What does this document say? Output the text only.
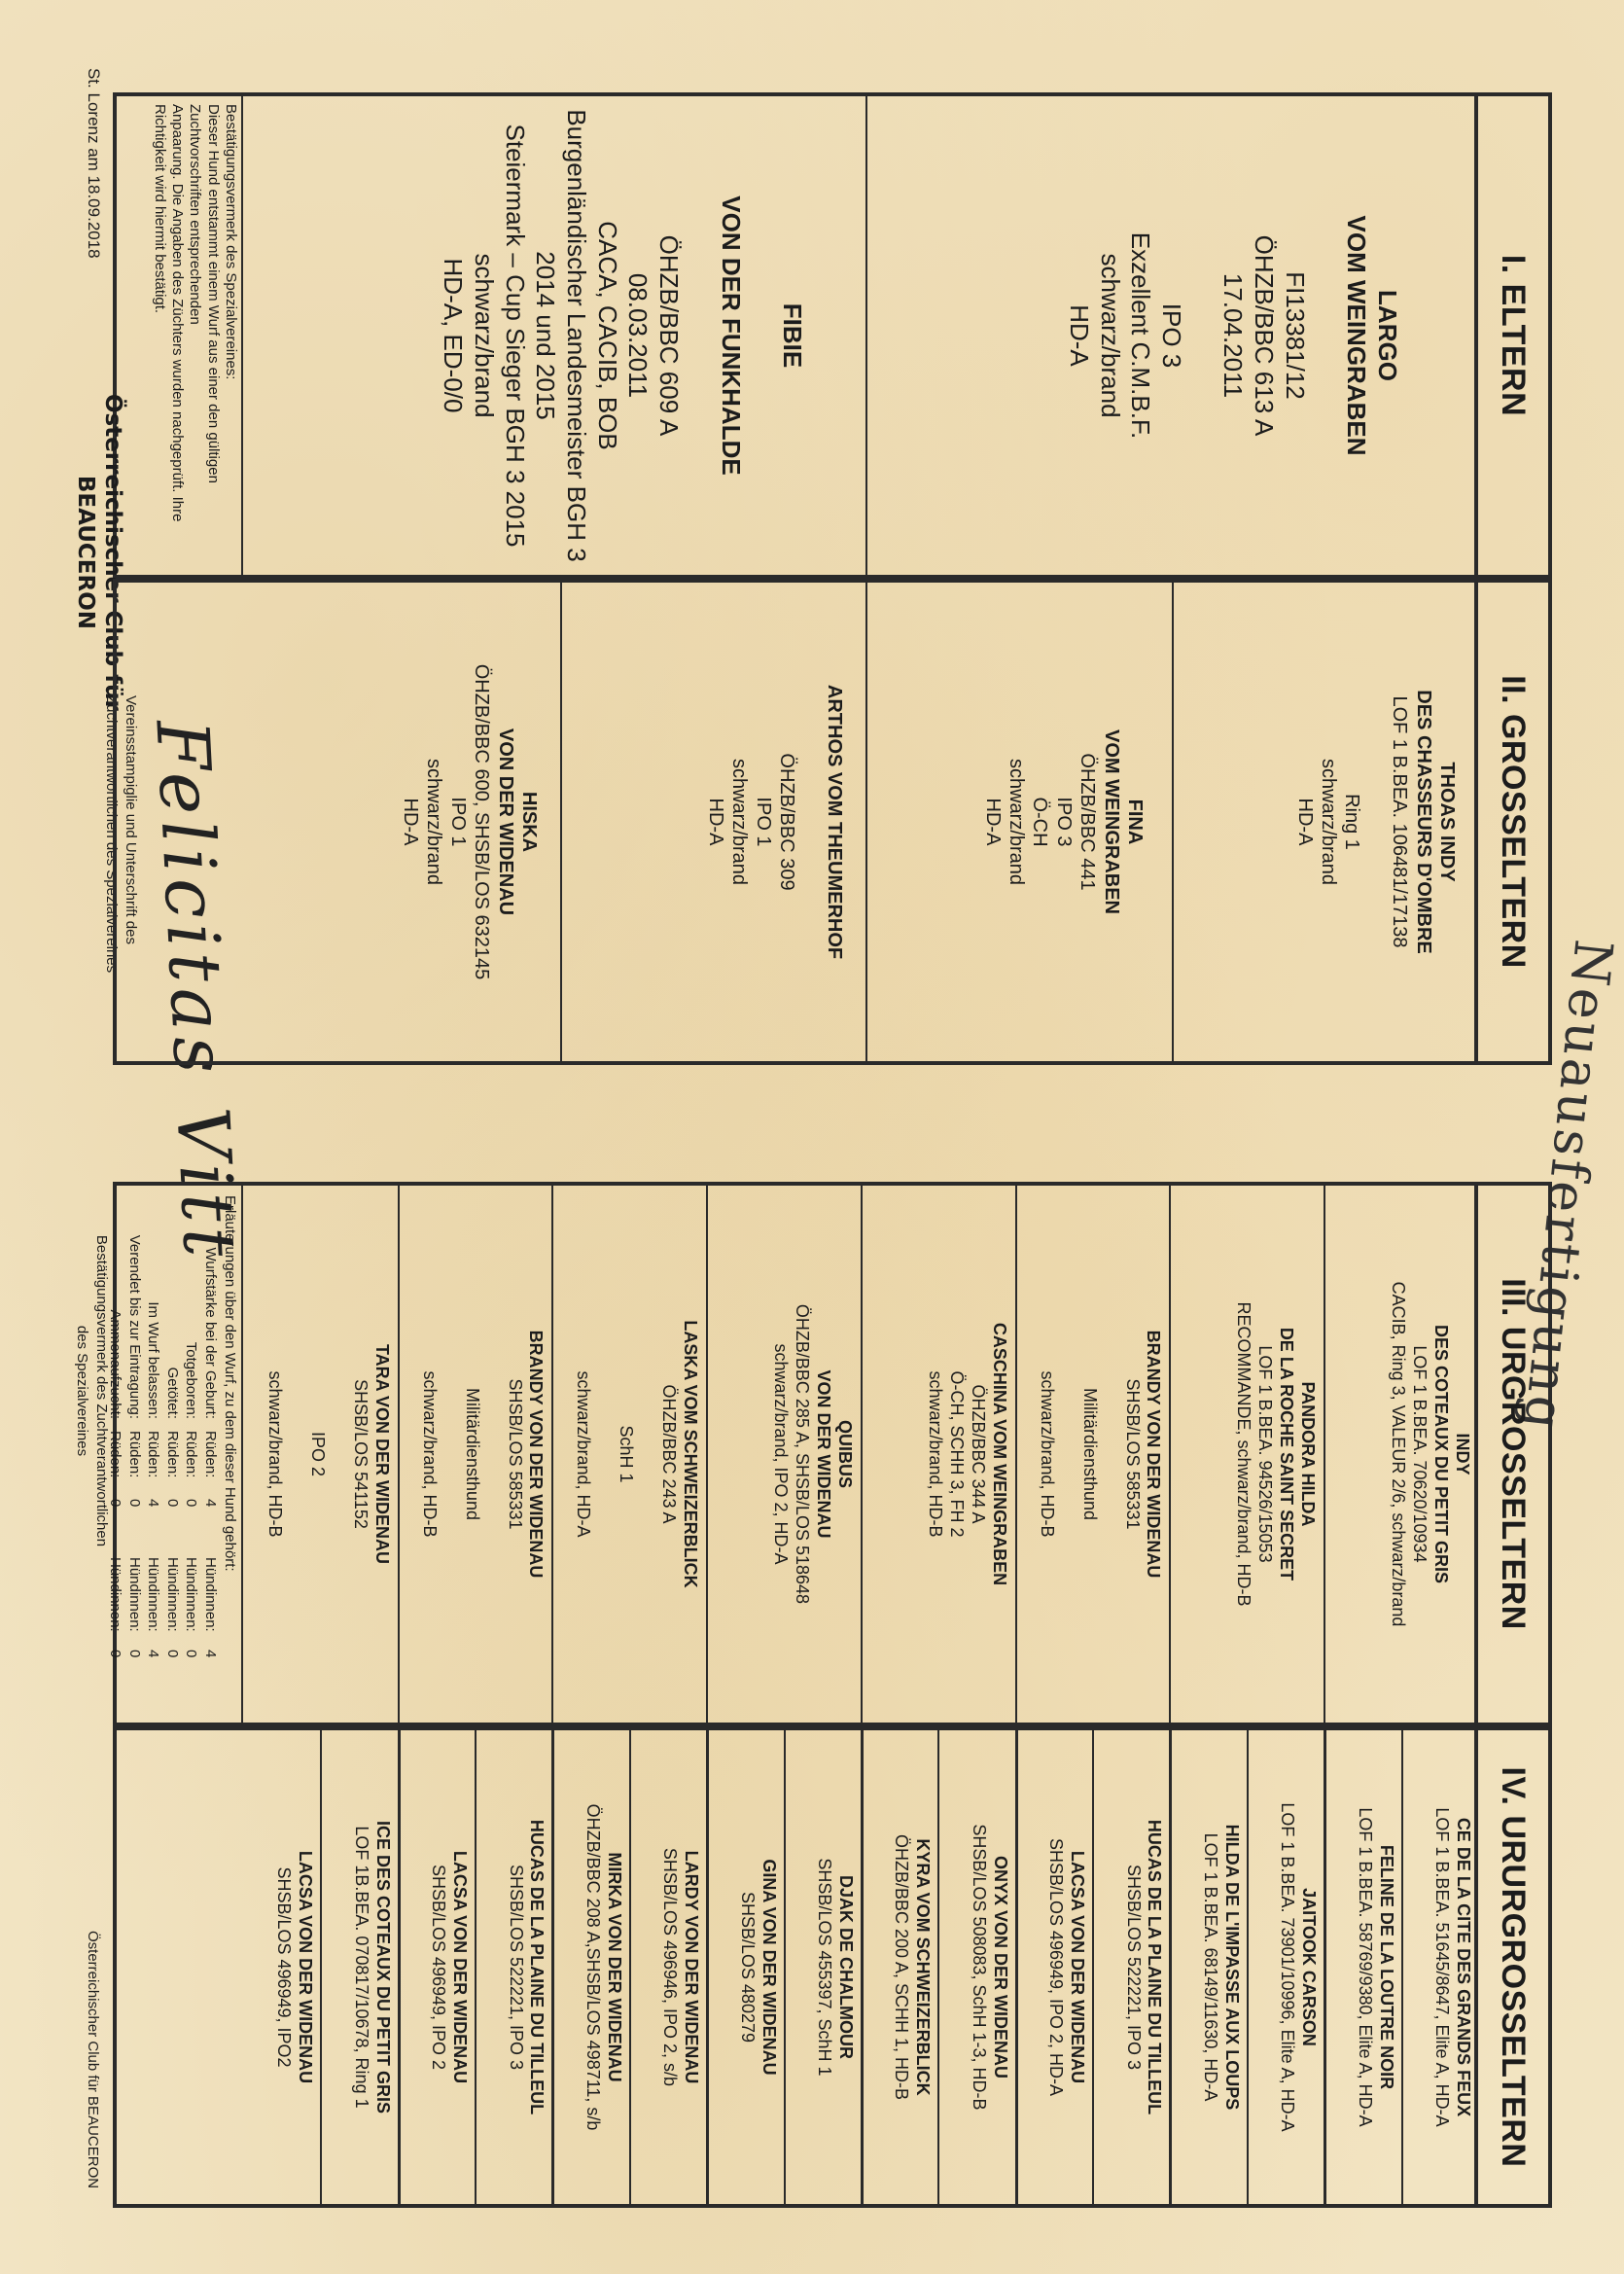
Neuausfertigung
I. ELTERN
LARGO
VOM WEINGRABEN

FI13381/12
ÖHZB/BBC 613 A
17.04.2011

IPO 3
Exzellent C.M.B.F.
schwarz/brand
HD-A
FIBIE

VON DER FUNKHALDE

ÖHZB/BBC 609 A
08.03.2011
CACA, CACIB, BOB
Burgenländischer Landesmeister BGH 3
2014 und 2015
Steiermark – Cup Sieger BGH 3 2015
schwarz/brand
HD-A, ED-0/0
Bestätigungsvermerk des Spezialvereines:
Dieser Hund entstammt einem Wurf aus einer den gültigen Zuchtvorschriften entsprechenden
Anpaarung. Die Angaben des Züchters wurden nachgeprüft. Ihre Richtigkeit wird hiermit bestätigt.
St. Lorenz am 18.09.2018
Österreichischer Club für
BEAUCERON
Vereinsstampiglie und Unterschrift des
Zuchtverantwortlichen des Spezialvereines Felicitas Vitt	II. GROSSELTERN
THOAS INDY
DES CHASSEURS D'OMBRE
LOF 1 B.BEA. 106481/17138

Ring 1
schwarz/brand
HD-A
FINA
VOM WEINGRABEN
ÖHZB/BBC 441
IPO 3
Ö-CH
schwarz/brand
HD-A
ARTHOS VOM THEUMERHOF

ÖHZB/BBC 309
IPO 1
schwarz/brand
HD-A
HISKA
VON DER WIDENAU
ÖHZB/BBC 600, SHSB/LOS 632145
IPO 1
schwarz/brand
HD-A
III. URGROSSELTERN
INDY
DES COTEAUX DU PETIT GRIS
LOF 1 B.BEA. 70620/10934
CACIB, Ring 3, VALEUR 2/6, schwarz/brand
PANDORA HILDA
DE LA ROCHE SAINT SECRET
LOF 1 B.BEA. 94526/15053
RECOMMANDE, schwarz/brand, HD-B
BRANDY VON DER WIDENAU
SHSB/LOS 585331

Militärdiensthund

schwarz/brand, HD-B
CASCHINA VOM WEINGRABEN
ÖHZB/BBC 344 A
Ö-CH, SCHH 3, FH 2
schwarz/brand, HD-B
QUIBUS
VON DER WIDENAU
ÖHZB/BBC 285 A, SHSB/LOS 518648
schwarz/brand, IPO 2, HD-A
LASKA VOM SCHWEIZERBLICK
ÖHZB/BBC 243 A

SchH 1

schwarz/brand, HD-A
BRANDY VON DER WIDENAU
SHSB/LOS 585331

Militärdiensthund

schwarz/brand, HD-B
TARA VON DER WIDENAU
SHSB/LOS 541152

IPO 2

schwarz/brand, HD-B
Erläuterungen über den Wurf, zu dem dieser Hund gehört:
Wurfstärke bei der Geburt:
Rüden:
4
Hündinnen:
4
Totgeboren:
Rüden:
0
Hündinnen:
0
Getötet:
Rüden:
0
Hündinnen:
0
Im Wurf belassen:
Rüden:
4
Hündinnen:
4
Verendet bis zur Eintragung:
Rüden:
0
Hündinnen:
0
Ammenaufzucht:
Rüden:
0
Hündinnen:
0
Bestätigungsvermerk des Zuchtverantwortlichen
des Spezialvereines
IV. URURGROSSELTERN
CE DE LA CITE DES GRANDS FEUX
LOF 1 B.BEA. 51645/8647, Elite A, HD-A
FELINE DE LA LOUTRE NOIR
LOF 1 B.BEA. 58769/9380, Elite A, HD-A
JAITOOK CARSON
LOF 1 B.BEA. 73901/10996, Elite A, HD-A
HILDA DE L'IMPASSE AUX LOUPS
LOF 1 B.BEA. 68149/11630, HD-A
HUCAS DE LA PLAINE DU TILLEUL
SHSB/LOS 522221, IPO 3
LACSA VON DER WIDENAU
SHSB/LOS 496949, IPO 2, HD-A
ONYX VON DER WIDENAU
SHSB/LOS 508083, SchH 1-3, HD-B
KYRA VOM SCHWEIZERBLICK
ÖHZB/BBC 200 A, SCHH 1, HD-B
DJAK DE CHALMOUR
SHSB/LOS 455397, SchH 1
GINA VON DER WIDENAU
SHSB/LOS 480279
LARDY VON DER WIDENAU
SHSB/LOS 496946, IPO 2, s/b
MIRKA VON DER WIDENAU
ÖHZB/BBC 208 A,SHSB/LOS 498711, s/b
HUCAS DE LA PLAINE DU TILLEUL
SHSB/LOS 522221, IPO 3
LACSA VON DER WIDENAU
SHSB/LOS 496949, IPO 2
ICE DES COTEAUX DU PETIT GRIS
LOF 1B.BEA. 070817/10678, Ring 1
LACSA VON DER WIDENAU
SHSB/LOS 496949, IPO2
Österreichischer Club für BEAUCERON
